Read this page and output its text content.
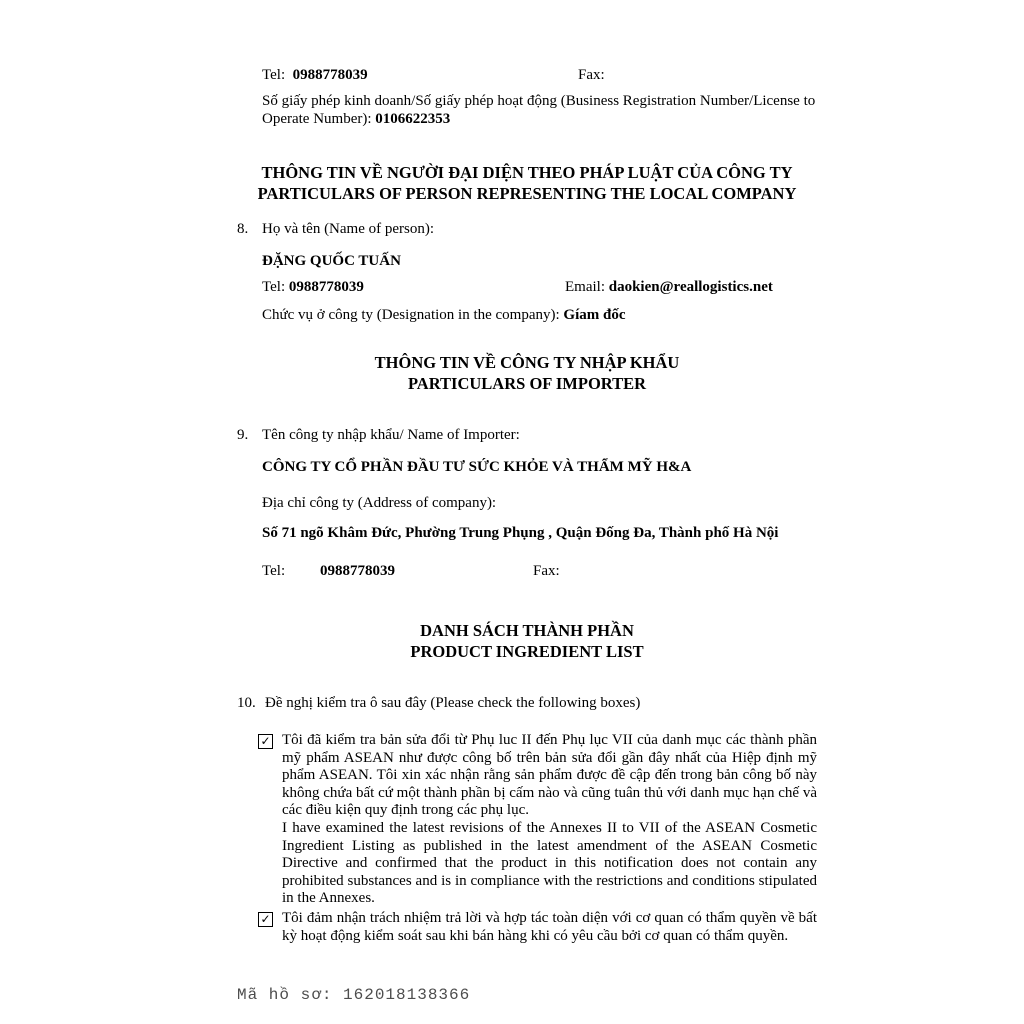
Tel: 0988778039	Fax:

Số giấy phép kinh doanh/Số giấy phép hoạt động (Business Registration Number/License to Operate Number): 0106622353

THÔNG TIN VỀ NGƯỜI ĐẠI DIỆN THEO PHÁP LUẬT CỦA CÔNG TY
PARTICULARS OF PERSON REPRESENTING THE LOCAL COMPANY
8. Họ và tên (Name of person):
ĐẶNG QUỐC TUẤN
Tel: 0988778039	Email: daokien@reallogistics.net
Chức vụ ở công ty (Designation in the company): Gíam đốc
THÔNG TIN VỀ CÔNG TY NHẬP KHẨU
PARTICULARS OF IMPORTER
9. Tên công ty nhập khẩu/ Name of Importer:
CÔNG TY CỔ PHẦN ĐẦU TƯ SỨC KHỎE VÀ THẨM MỸ H&A
Địa chỉ công ty (Address of company):
Số 71 ngõ Khâm Đức, Phường Trung Phụng , Quận Đống Đa, Thành phố Hà Nội
Tel: 0988778039	Fax:
DANH SÁCH THÀNH PHẦN
PRODUCT INGREDIENT LIST
10. Đề nghị kiểm tra ô sau đây (Please check the following boxes)
✓ Tôi đã kiểm tra bản sửa đổi từ Phụ luc II đến Phụ lục VII của danh mục các thành phần mỹ phẩm ASEAN như được công bố trên bản sửa đổi gần đây nhất của Hiệp định mỹ phẩm ASEAN. Tôi xin xác nhận rằng sản phẩm được đề cập đến trong bản công bố này không chứa bất cứ một thành phần bị cấm nào và cũng tuân thủ với danh mục hạn chế và các điều kiện quy định trong các phụ lục.

I have examined the latest revisions of the Annexes II to VII of the ASEAN Cosmetic Ingredient Listing as published in the latest amendment of the ASEAN Cosmetic Directive and confirmed that the product in this notification does not contain any prohibited substances and is in compliance with the restrictions and conditions stipulated in the Annexes.

✓ Tôi đảm nhận trách nhiệm trả lời và hợp tác toàn diện với cơ quan có thẩm quyền về bất kỳ hoạt động kiểm soát sau khi bán hàng khi có yêu cầu bởi cơ quan có thẩm quyền.

Mã hồ sơ: 162018138366
